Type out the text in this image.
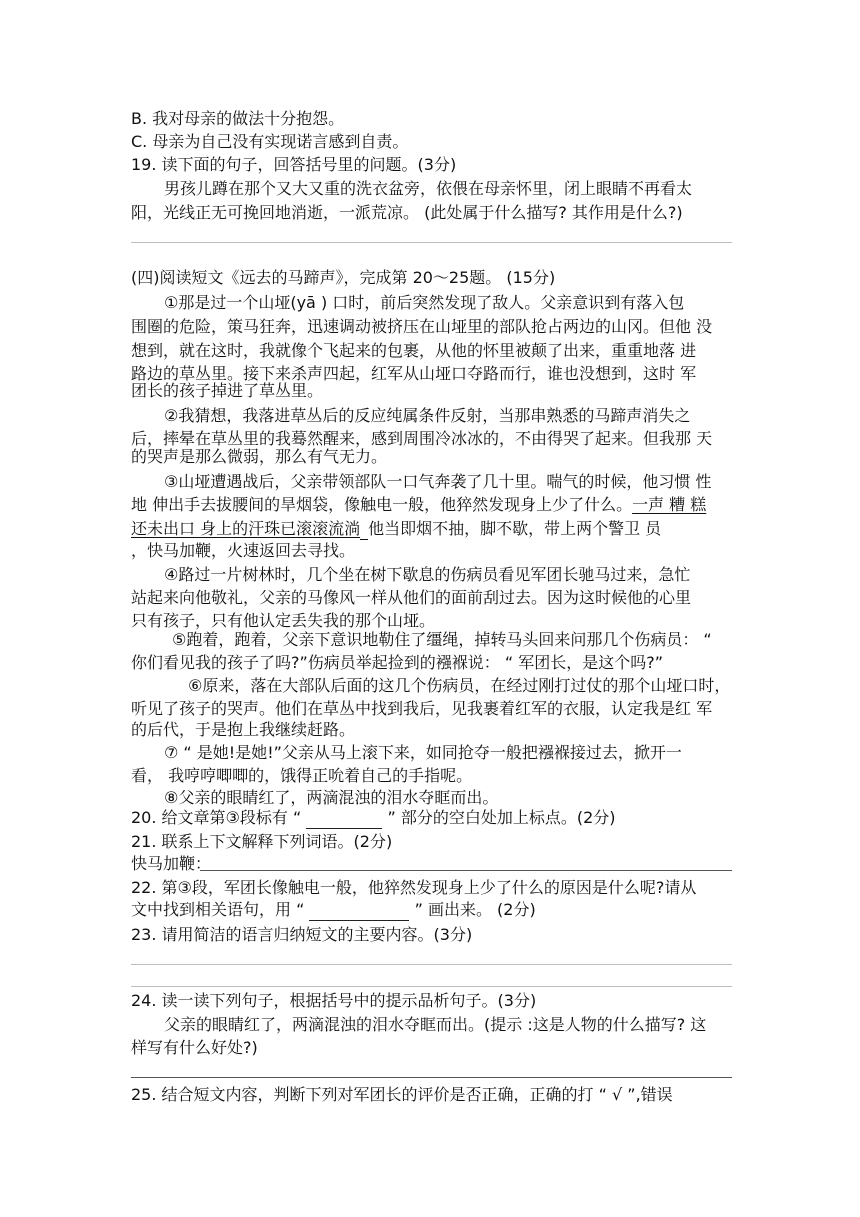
B. 我对母亲的做法十分抱怨。
C. 母亲为自己没有实现诺言感到自责。
19. 读下面的句子，回答括号里的问题。(3分)
男孩儿蹲在那个又大又重的洗衣盆旁，依偎在母亲怀里，闭上眼睛不再看太
阳，光线正无可挽回地消逝，一派荒凉。 (此处属于什么描写? 其作用是什么?)
(四)阅读短文《远去的马蹄声》，完成第 20～25题。 (15分)
①那是过一个山垭(yā ) 口时，前后突然发现了敌人。父亲意识到有落入包
围圈的危险，策马狂奔，迅速调动被挤压在山垭里的部队抢占两边的山冈。但他 没
想到，就在这时，我就像个飞起来的包裹，从他的怀里被颠了出来，重重地落 进
路边的草丛里。接下来杀声四起，红军从山垭口夺路而行，谁也没想到，这时 军
团长的孩子掉进了草丛里。
②我猜想，我落进草丛后的反应纯属条件反射，当那串熟悉的马蹄声消失之
后，摔晕在草丛里的我蓦然醒来，感到周围冷冰冰的，不由得哭了起来。但我那 天
的哭声是那么微弱，那么有气无力。
③山垭遭遇战后，父亲带领部队一口气奔袭了几十里。喘气的时候，他习惯 性
地 伸出手去拔腰间的旱烟袋，像触电一般，他猝然发现身上少了什么。一声 糟 糕
还未出口 身上的汗珠已滚滚流淌 他当即烟不抽，脚不歇，带上两个警卫 员
，快马加鞭，火速返回去寻找。
④路过一片树林时，几个坐在树下歇息的伤病员看见军团长驰马过来，急忙
站起来向他敬礼，父亲的马像风一样从他们的面前刮过去。因为这时候他的心里
只有孩子，只有他认定丢失我的那个山垭。
⑤跑着，跑着，父亲下意识地勒住了缰绳，掉转马头回来问那几个伤病员： “
你们看见我的孩子了吗?”伤病员举起捡到的襁褓说： “ 军团长，是这个吗?”
⑥原来，落在大部队后面的这几个伤病员，在经过刚打过仗的那个山垭口时，
听见了孩子的哭声。他们在草丛中找到我后，见我裹着红军的衣服，认定我是红 军
的后代，于是抱上我继续赶路。
⑦ “ 是她!是她!”父亲从马上滚下来，如同抢夺一般把襁褓接过去，掀开一
看， 我哼哼唧唧的，饿得正吮着自己的手指呢。
⑧父亲的眼睛红了，两滴混浊的泪水夺眶而出。
20. 给文章第③段标有 “	” 部分的空白处加上标点。(2分)
21. 联系上下文解释下列词语。(2分)
快马加鞭：
22. 第③段，军团长像触电一般，他猝然发现身上少了什么的原因是什么呢?请从
文中找到相关语句，用 “	” 画出来。 (2分)
23. 请用简洁的语言归纳短文的主要内容。(3分)
24. 读一读下列句子，根据括号中的提示品析句子。(3分)
父亲的眼睛红了，两滴混浊的泪水夺眶而出。(提示 :这是人物的什么描写? 这
样写有什么好处?)
25. 结合短文内容，判断下列对军团长的评价是否正确，正确的打 “ √ ”,错误
